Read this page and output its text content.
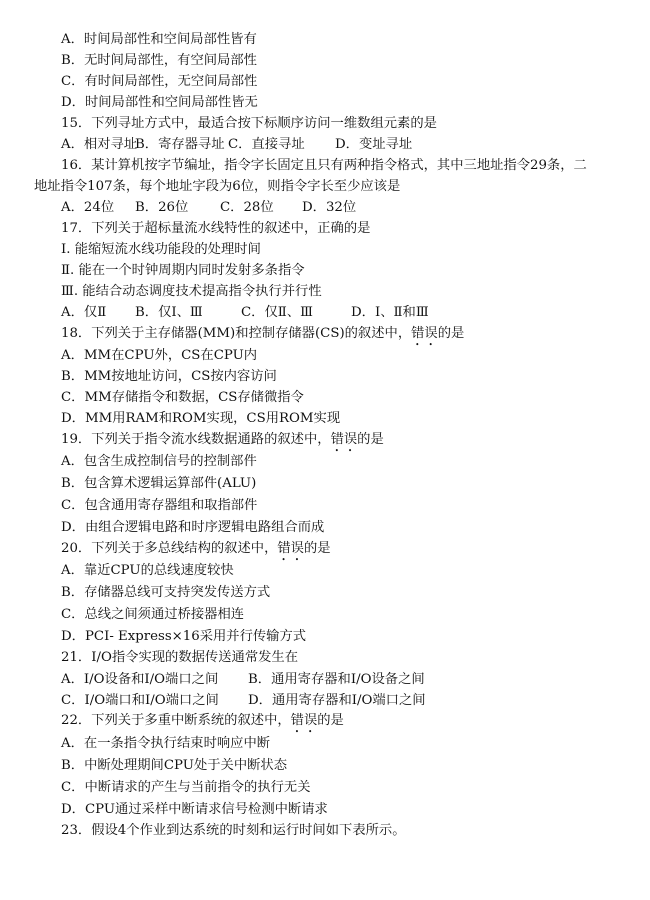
A．时间局部性和空间局部性皆有
B．无时间局部性，有空间局部性
C．有时间局部性，无空间局部性
D．时间局部性和空间局部性皆无
15．下列寻址方式中，最适合按下标顺序访问一维数组元素的是
A．相对寻址B．寄存器寻址 C．直接寻址 D．变址寻址
16．某计算机按字节编址，指令字长固定且只有两种指令格式，其中三地址指令29条，二
地址指令107条，每个地址字段为6位，则指令字长至少应该是
A．24位 B．26位 C．28位 D．32位
17．下列关于超标量流水线特性的叙述中，正确的是
Ⅰ. 能缩短流水线功能段的处理时间
Ⅱ. 能在一个时钟周期内同时发射多条指令
Ⅲ. 能结合动态调度技术提高指令执行并行性
A．仅Ⅱ B．仅Ⅰ、Ⅲ	C．仅Ⅱ、Ⅲ	D．Ⅰ、Ⅱ和Ⅲ
18．下列关于主存储器(MM)和控制存储器(CS)的叙述中，错误的是
A．MM在CPU外，CS在CPU内
B．MM按地址访问，CS按内容访问
C．MM存储指令和数据，CS存储微指令
D．MM用RAM和ROM实现，CS用ROM实现
19．下列关于指令流水线数据通路的叙述中，错误的是
A．包含生成控制信号的控制部件
B．包含算术逻辑运算部件(ALU)
C．包含通用寄存器组和取指部件
D．由组合逻辑电路和时序逻辑电路组合而成
20．下列关于多总线结构的叙述中，错误的是
A．靠近CPU的总线速度较快
B．存储器总线可支持突发传送方式
C．总线之间须通过桥接器相连
D．PCⅠ- Express×16采用并行传输方式
21．I/O指令实现的数据传送通常发生在
A．I/O设备和I/O端口之间 B．通用寄存器和I/O设备之间
C．I/O端口和I/O端口之间 D．通用寄存器和I/O端口之间
22．下列关于多重中断系统的叙述中，错误的是
A．在一条指令执行结束时响应中断
B．中断处理期间CPU处于关中断状态
C．中断请求的产生与当前指令的执行无关
D．CPU通过采样中断请求信号检测中断请求
23．假设4个作业到达系统的时刻和运行时间如下表所示。
